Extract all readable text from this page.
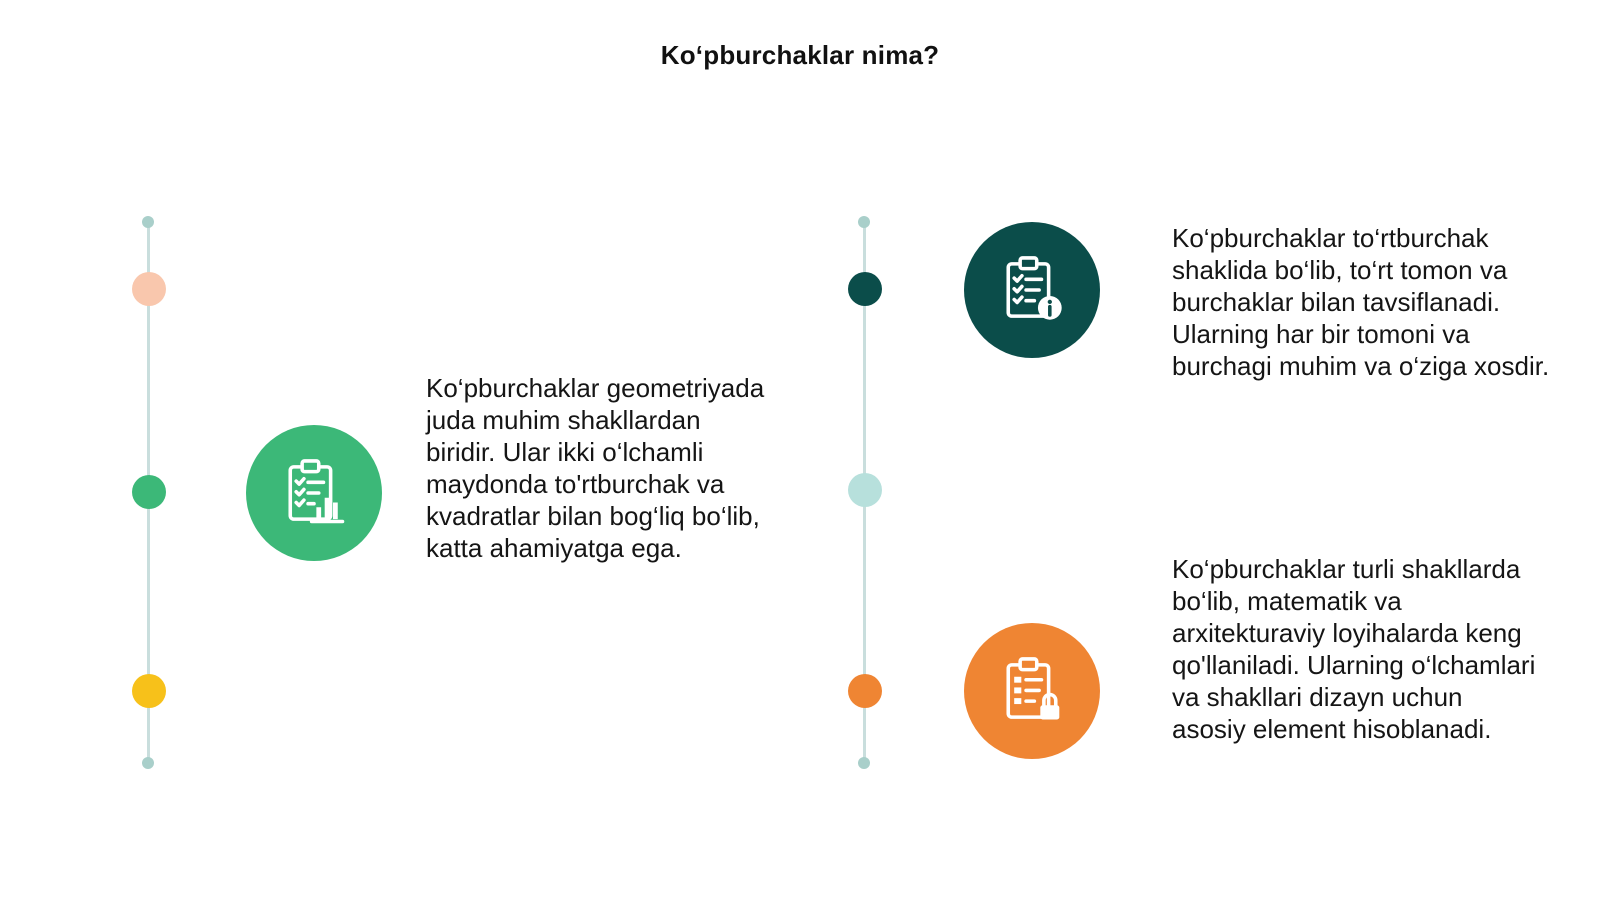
Ko‘pburchaklar nima?
Ko‘pburchaklar geometriyada juda muhim shakllardan biridir. Ular ikki o‘lchamli maydonda to'rtburchak va kvadratlar bilan bog‘liq bo‘lib, katta ahamiyatga ega.
Ko‘pburchaklar to‘rtburchak shaklida bo‘lib, to‘rt tomon va burchaklar bilan tavsiflanadi. Ularning har bir tomoni va burchagi muhim va o‘ziga xosdir.
Ko‘pburchaklar turli shakllarda bo‘lib, matematik va arxitekturaviy loyihalarda keng qo'llaniladi. Ularning o‘lchamlari va shakllari dizayn uchun asosiy element hisoblanadi.
